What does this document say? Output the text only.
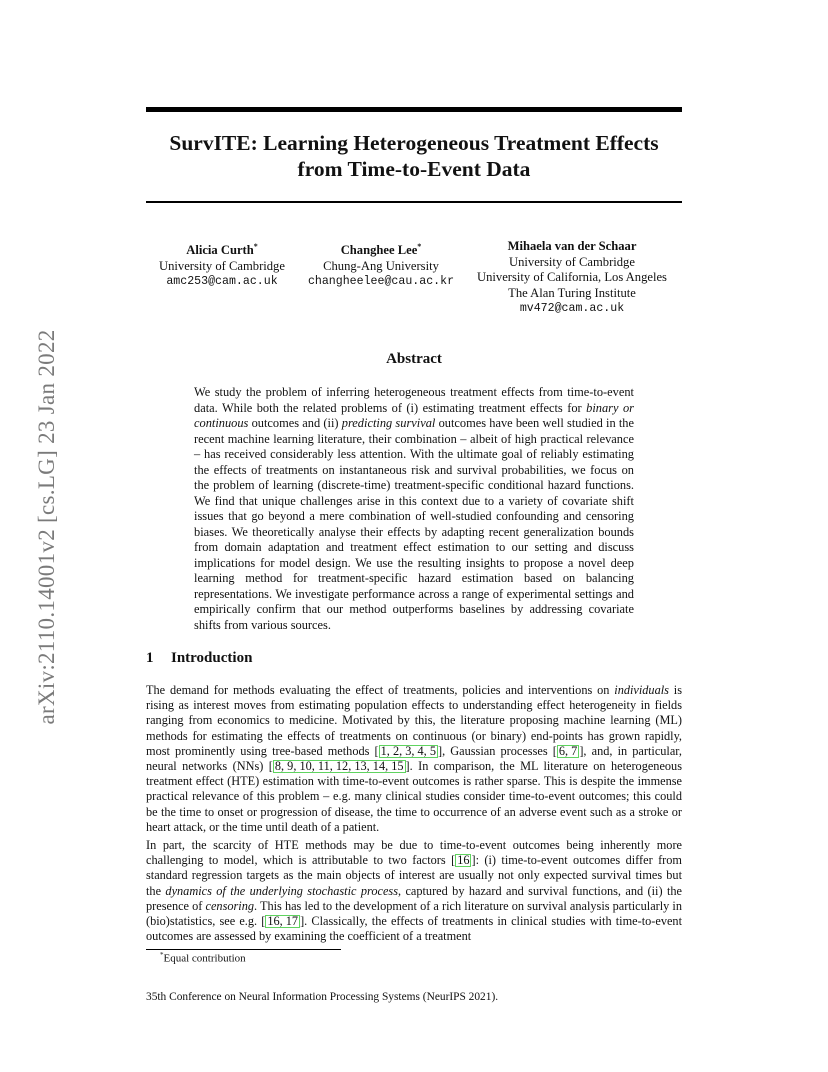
arXiv:2110.14001v2 [cs.LG] 23 Jan 2022
SurvITE: Learning Heterogeneous Treatment Effects
from Time-to-Event Data
Alicia Curth*
University of Cambridge
amc253@cam.ac.uk
Changhee Lee*
Chung-Ang University
changheelee@cau.ac.kr
Mihaela van der Schaar
University of Cambridge
University of California, Los Angeles
The Alan Turing Institute
mv472@cam.ac.uk
Abstract
We study the problem of inferring heterogeneous treatment effects from time-to-event data. While both the related problems of (i) estimating treatment effects for binary or continuous outcomes and (ii) predicting survival outcomes have been well studied in the recent machine learning literature, their combination – albeit of high practical relevance – has received considerably less attention. With the ultimate goal of reliably estimating the effects of treatments on instantaneous risk and survival probabilities, we focus on the problem of learning (discrete-time) treatment-specific conditional hazard functions. We find that unique challenges arise in this context due to a variety of covariate shift issues that go beyond a mere combination of well-studied confounding and censoring biases. We theoretically analyse their effects by adapting recent generalization bounds from domain adaptation and treatment effect estimation to our setting and discuss implications for model design. We use the resulting insights to propose a novel deep learning method for treatment-specific hazard estimation based on balancing representations. We investigate performance across a range of experimental settings and empirically confirm that our method outperforms baselines by addressing covariate shifts from various sources.
1 Introduction
The demand for methods evaluating the effect of treatments, policies and interventions on individuals is rising as interest moves from estimating population effects to understanding effect heterogeneity in fields ranging from economics to medicine. Motivated by this, the literature proposing machine learning (ML) methods for estimating the effects of treatments on continuous (or binary) end-points has grown rapidly, most prominently using tree-based methods [ 1, 2, 3, 4, 5 ], Gaussian processes [ 6, 7 ], and, in particular, neural networks (NNs) [ 8, 9, 10, 11, 12, 13, 14, 15 ]. In comparison, the ML literature on heterogeneous treatment effect (HTE) estimation with time-to-event outcomes is rather sparse. This is despite the immense practical relevance of this problem – e.g. many clinical studies consider time-to-event outcomes; this could be the time to onset or progression of disease, the time to occurrence of an adverse event such as a stroke or heart attack, or the time until death of a patient.
In part, the scarcity of HTE methods may be due to time-to-event outcomes being inherently more challenging to model, which is attributable to two factors [ 16 ]: (i) time-to-event outcomes differ from standard regression targets as the main objects of interest are usually not only expected survival times but the dynamics of the underlying stochastic process, captured by hazard and survival functions, and (ii) the presence of censoring. This has led to the development of a rich literature on survival analysis particularly in (bio)statistics, see e.g. [ 16, 17 ]. Classically, the effects of treatments in clinical studies with time-to-event outcomes are assessed by examining the coefficient of a treatment
*Equal contribution
35th Conference on Neural Information Processing Systems (NeurIPS 2021).
